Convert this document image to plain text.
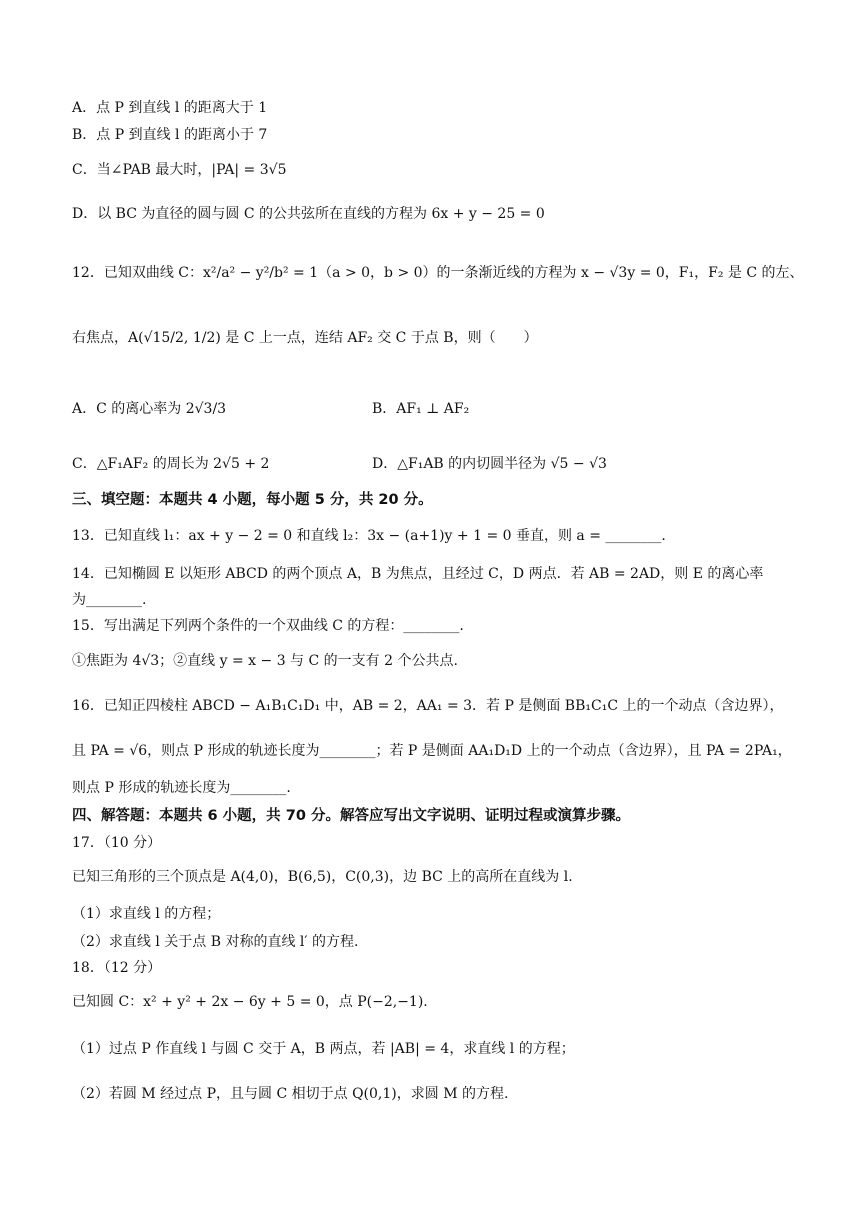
A．点 P 到直线 l 的距离大于 1
B．点 P 到直线 l 的距离小于 7
C．当∠PAB 最大时，|PA| = 3√5
D．以 BC 为直径的圆与圆 C 的公共弦所在直线的方程为 6x + y − 25 = 0
12．已知双曲线 C：x²/a² − y²/b² = 1（a > 0，b > 0）的一条渐近线的方程为 x − √3y = 0，F₁，F₂ 是 C 的左、
右焦点，A(√15/2, 1/2) 是 C 上一点，连结 AF₂ 交 C 于点 B，则（　　）
A．C 的离心率为 2√3/3	B．AF₁ ⊥ AF₂
C．△F₁AF₂ 的周长为 2√5 + 2	D．△F₁AB 的内切圆半径为 √5 − √3
三、填空题：本题共 4 小题，每小题 5 分，共 20 分。
13．已知直线 l₁：ax + y − 2 = 0 和直线 l₂：3x − (a+1)y + 1 = 0 垂直，则 a = ________.
14．已知椭圆 E 以矩形 ABCD 的两个顶点 A，B 为焦点，且经过 C，D 两点．若 AB = 2AD，则 E 的离心率
为________.
15．写出满足下列两个条件的一个双曲线 C 的方程：________.
①焦距为 4√3；②直线 y = x − 3 与 C 的一支有 2 个公共点.
16．已知正四棱柱 ABCD − A₁B₁C₁D₁ 中，AB = 2，AA₁ = 3．若 P 是侧面 BB₁C₁C 上的一个动点（含边界），
且 PA = √6，则点 P 形成的轨迹长度为________；若 P 是侧面 AA₁D₁D 上的一个动点（含边界），且 PA = 2PA₁，
则点 P 形成的轨迹长度为________.
四、解答题：本题共 6 小题，共 70 分。解答应写出文字说明、证明过程或演算步骤。
17．（10 分）
已知三角形的三个顶点是 A(4,0)，B(6,5)，C(0,3)，边 BC 上的高所在直线为 l.
（1）求直线 l 的方程；
（2）求直线 l 关于点 B 对称的直线 l′ 的方程.
18．（12 分）
已知圆 C：x² + y² + 2x − 6y + 5 = 0，点 P(−2,−1).
（1）过点 P 作直线 l 与圆 C 交于 A，B 两点，若 |AB| = 4，求直线 l 的方程；
（2）若圆 M 经过点 P，且与圆 C 相切于点 Q(0,1)，求圆 M 的方程.
